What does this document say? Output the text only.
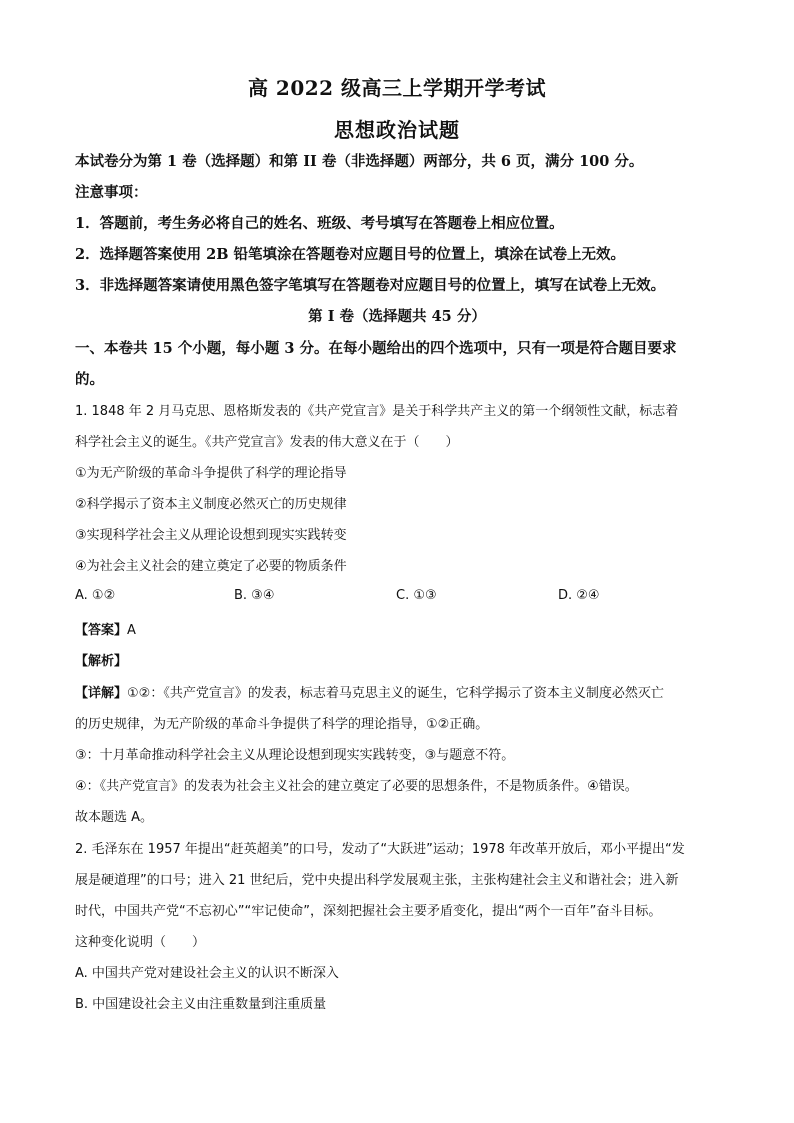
高 2022 级高三上学期开学考试
思想政治试题
本试卷分为第 1 卷（选择题）和第 II 卷（非选择题）两部分，共 6 页，满分 100 分。
注意事项：
1．答题前，考生务必将自己的姓名、班级、考号填写在答题卷上相应位置。
2．选择题答案使用 2B 铅笔填涂在答题卷对应题目号的位置上，填涂在试卷上无效。
3．非选择题答案请使用黑色签字笔填写在答题卷对应题目号的位置上，填写在试卷上无效。
第 I 卷（选择题共 45 分）
一、本卷共 15 个小题，每小题 3 分。在每小题给出的四个选项中，只有一项是符合题目要求
的。
1. 1848 年 2 月马克思、恩格斯发表的《共产党宣言》是关于科学共产主义的第一个纲领性文献，标志着
科学社会主义的诞生。《共产党宣言》发表的伟大意义在于（　　）
①为无产阶级的革命斗争提供了科学的理论指导
②科学揭示了资本主义制度必然灭亡的历史规律
③实现科学社会主义从理论设想到现实实践转变
④为社会主义社会的建立奠定了必要的物质条件
A. ①②	B. ③④	C. ①③	D. ②④
【答案】A
【解析】
【详解】①②：《共产党宣言》的发表，标志着马克思主义的诞生，它科学揭示了资本主义制度必然灭亡
的历史规律，为无产阶级的革命斗争提供了科学的理论指导，①②正确。
③：十月革命推动科学社会主义从理论设想到现实实践转变，③与题意不符。
④：《共产党宣言》的发表为社会主义社会的建立奠定了必要的思想条件，不是物质条件。④错误。
故本题选 A。
2. 毛泽东在 1957 年提出“赶英超美”的口号，发动了“大跃进”运动；1978 年改革开放后，邓小平提出“发
展是硬道理”的口号；进入 21 世纪后，党中央提出科学发展观主张，主张构建社会主义和谐社会；进入新
时代，中国共产党“不忘初心”“牢记使命”，深刻把握社会主要矛盾变化，提出“两个一百年”奋斗目标。
这种变化说明（　　）
A. 中国共产党对建设社会主义的认识不断深入
B. 中国建设社会主义由注重数量到注重质量
